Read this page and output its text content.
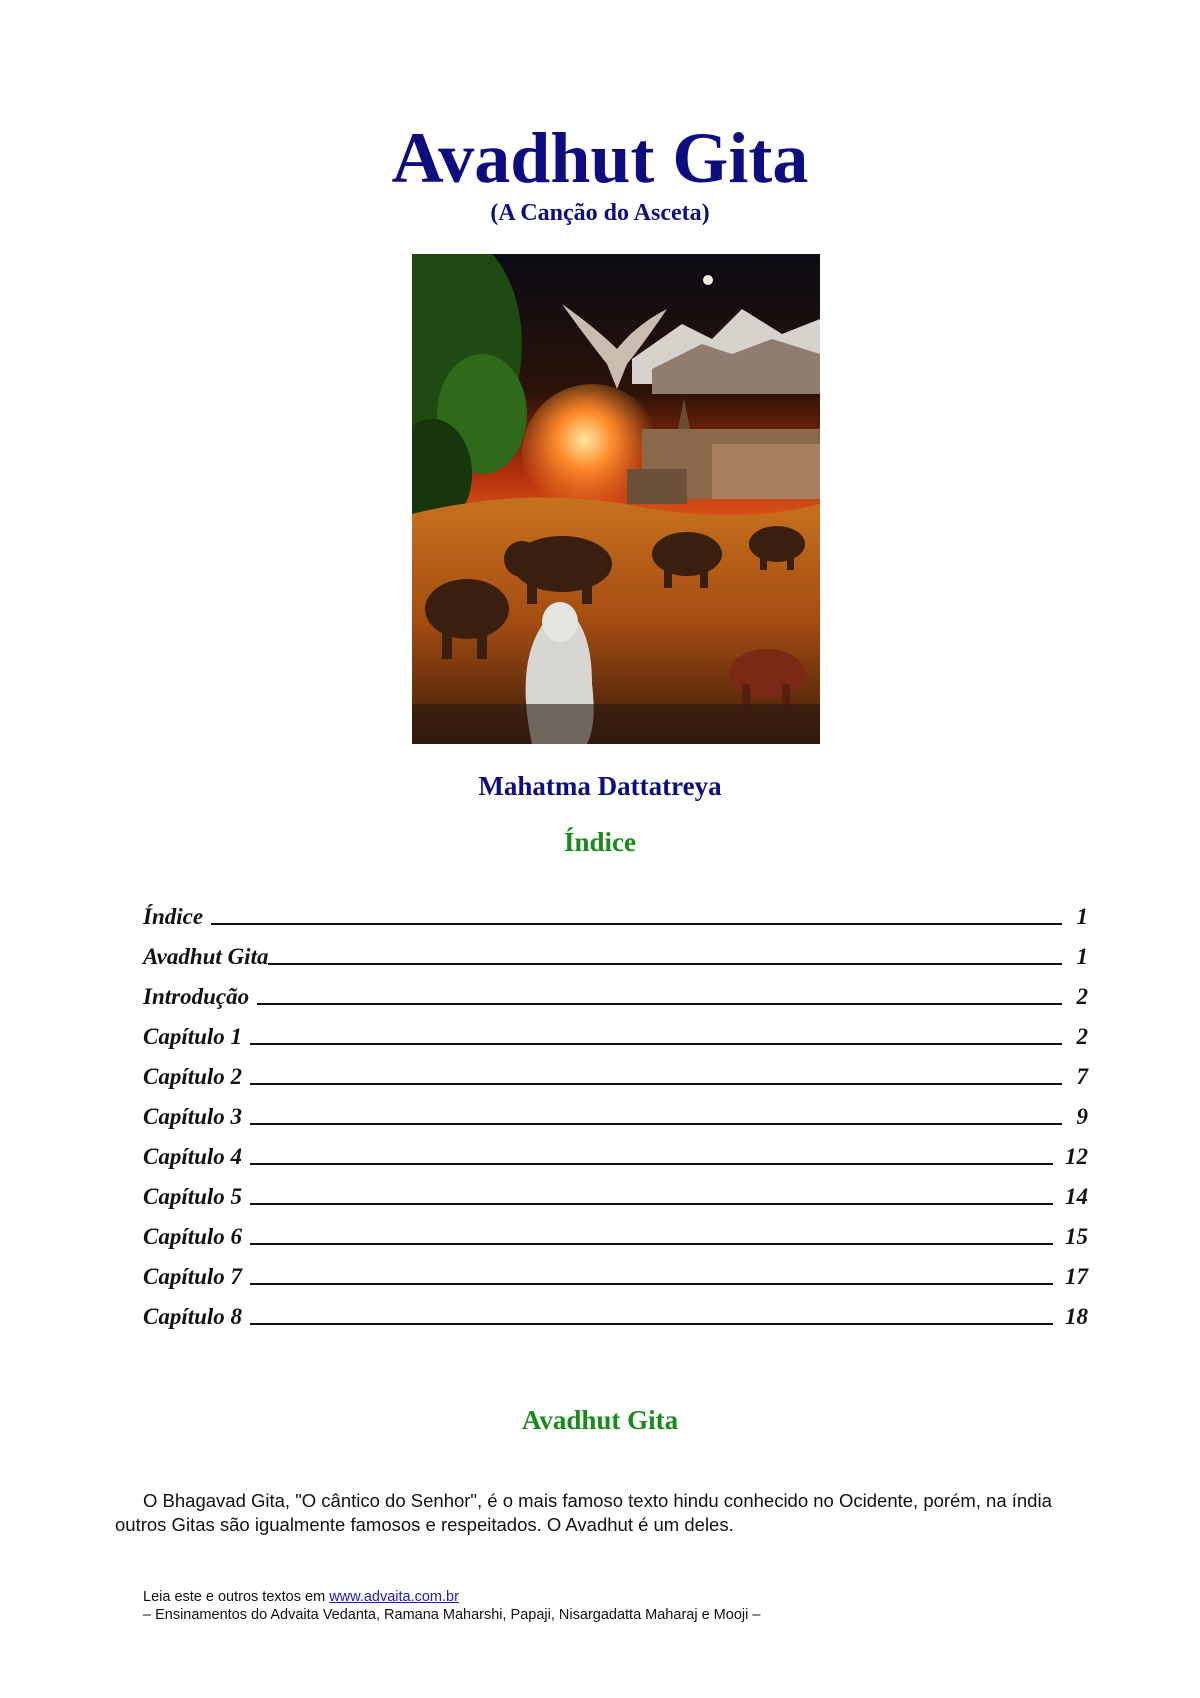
Avadhut Gita
(A Canção do Asceta)
Mahatma Dattatreya
Índice
Índice	1
Avadhut Gita	1
Introdução	2
Capítulo 1	2
Capítulo 2	7
Capítulo 3	9
Capítulo 4	12
Capítulo 5	14
Capítulo 6	15
Capítulo 7	17
Capítulo 8	18
Avadhut Gita

O Bhagavad Gita, "O cântico do Senhor", é o mais famoso texto hindu conhecido no Ocidente, porém, na índia outros Gitas são igualmente famosos e respeitados. O Avadhut é um deles.

Leia este e outros textos em www.advaita.com.br
– Ensinamentos do Advaita Vedanta, Ramana Maharshi, Papaji, Nisargadatta Maharaj e Mooji –
